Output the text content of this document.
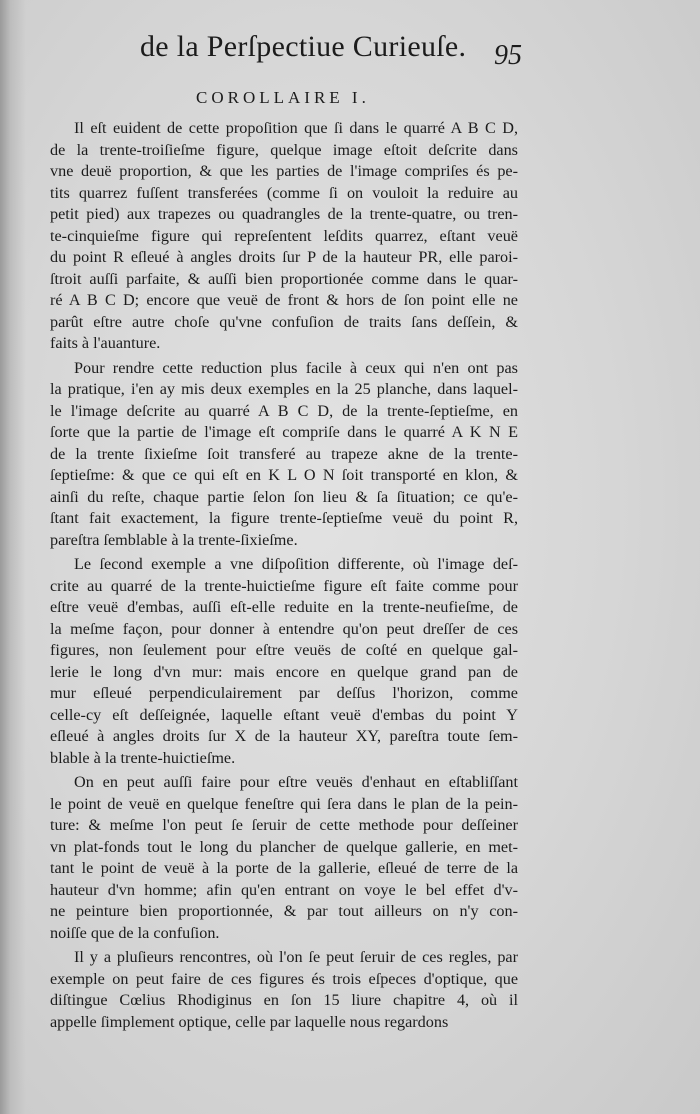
de la Perſpectiue Curieuſe. 95
COROLLAIRE I.
Il eſt euident de cette propoſition que ſi dans le quarré A B C D,
de la trente-troiſieſme figure, quelque image eſtoit deſcrite dans
vne deuë proportion, & que les parties de l'image compriſes és pe-
tits quarrez fuſſent transferées (comme ſi on vouloit la reduire au
petit pied) aux trapezes ou quadrangles de la trente-quatre, ou tren-
te-cinquieſme figure qui repreſentent leſdits quarrez, eſtant veuë
du point R eſleué à angles droits ſur P de la hauteur PR, elle paroi-
ſtroit auſſi parfaite, & auſſi bien proportionée comme dans le quar-
ré A B C D; encore que veuë de front & hors de ſon point elle ne
parût eſtre autre choſe qu'vne confuſion de traits ſans deſſein, &
faits à l'auanture.
Pour rendre cette reduction plus facile à ceux qui n'en ont pas
la pratique, i'en ay mis deux exemples en la 25 planche, dans laquel-
le l'image deſcrite au quarré A B C D, de la trente-ſeptieſme, en
ſorte que la partie de l'image eſt compriſe dans le quarré A K N E
de la trente ſixieſme ſoit transferé au trapeze akne de la trente-
ſeptieſme: & que ce qui eſt en K L O N ſoit transporté en klon, &
ainſi du reſte, chaque partie ſelon ſon lieu & ſa ſituation; ce qu'e-
ſtant fait exactement, la figure trente-ſeptieſme veuë du point R,
pareſtra ſemblable à la trente-ſixieſme.
Le ſecond exemple a vne diſpoſition differente, où l'image deſ-
crite au quarré de la trente-huictieſme figure eſt faite comme pour
eſtre veuë d'embas, auſſi eſt-elle reduite en la trente-neufieſme, de
la meſme façon, pour donner à entendre qu'on peut dreſſer de ces
figures, non ſeulement pour eſtre veuës de coſté en quelque gal-
lerie le long d'vn mur: mais encore en quelque grand pan de
mur eſleué perpendiculairement par deſſus l'horizon, comme
celle-cy eſt deſſeignée, laquelle eſtant veuë d'embas du point Y
eſleué à angles droits ſur X de la hauteur XY, pareſtra toute ſem-
blable à la trente-huictieſme.
On en peut auſſi faire pour eſtre veuës d'enhaut en eſtabliſſant
le point de veuë en quelque feneſtre qui ſera dans le plan de la pein-
ture: & meſme l'on peut ſe ſeruir de cette methode pour deſſeiner
vn plat-fonds tout le long du plancher de quelque gallerie, en met-
tant le point de veuë à la porte de la gallerie, eſleué de terre de la
hauteur d'vn homme; afin qu'en entrant on voye le bel effet d'v-
ne peinture bien proportionnée, & par tout ailleurs on n'y con-
noiſſe que de la confuſion.
Il y a pluſieurs rencontres, où l'on ſe peut ſeruir de ces regles, par
exemple on peut faire de ces figures és trois eſpeces d'optique, que
diſtingue Cœlius Rhodiginus en ſon 15 liure chapitre 4, où il
appelle ſimplement optique, celle par laquelle nous regardons
